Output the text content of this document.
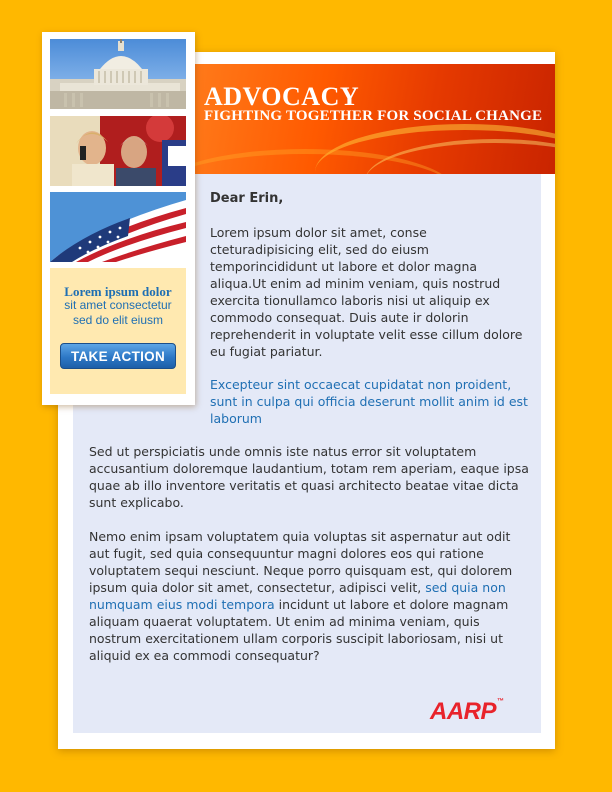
ADVOCACY
FIGHTING TOGETHER FOR SOCIAL CHANGE
Lorem ipsum dolor
sit amet consectetur
sed do elit eiusm
TAKE ACTION
Dear Erin,
Lorem ipsum dolor sit amet, conse cteturadipisicing elit, sed do eiusm temporincididunt ut labore et dolor magna aliqua.Ut enim ad minim veniam, quis nostrud exercita tionullamco laboris nisi ut aliquip ex commodo consequat. Duis aute ir dolorin reprehenderit in voluptate velit esse cillum dolore eu fugiat pariatur.
Excepteur sint occaecat cupidatat non proident, sunt in culpa qui officia deserunt mollit anim id est laborum
Sed ut perspiciatis unde omnis iste natus error sit voluptatem accusantium doloremque laudantium, totam rem aperiam, eaque ipsa quae ab illo inventore veritatis et quasi architecto beatae vitae dicta sunt explicabo.
Nemo enim ipsam voluptatem quia voluptas sit aspernatur aut odit aut fugit, sed quia consequuntur magni dolores eos qui ratione voluptatem sequi nesciunt. Neque porro quisquam est, qui dolorem ipsum quia dolor sit amet, consectetur, adipisci velit, sed quia non numquam eius modi tempora incidunt ut labore et dolore magnam aliquam quaerat voluptatem. Ut enim ad minima veniam, quis nostrum exercitationem ullam corporis suscipit laboriosam, nisi ut aliquid ex ea commodi consequatur?
AARP™
